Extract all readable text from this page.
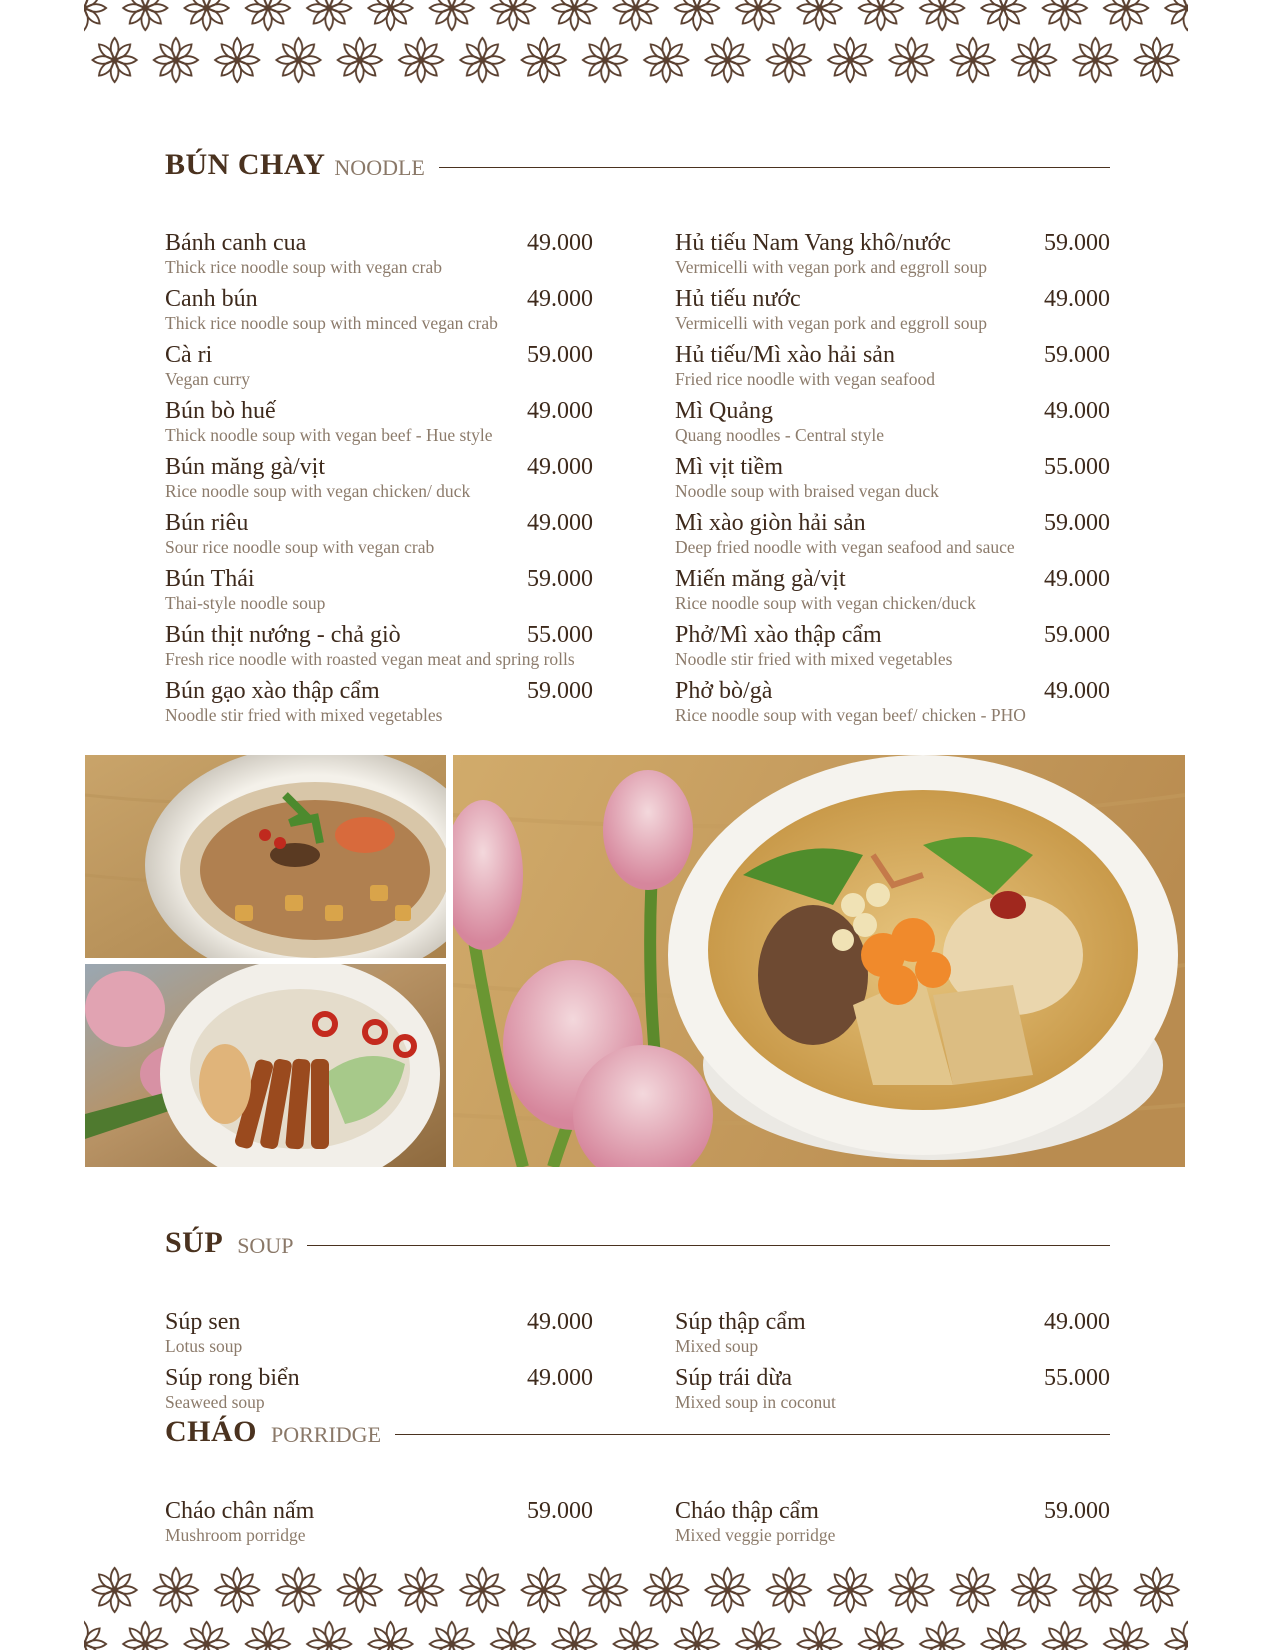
BÚN CHAY NOODLE
Bánh canh cua	49.000
Thick rice noodle soup with vegan crab
Canh bún	49.000
Thick rice noodle soup with minced vegan crab
Cà ri	59.000
Vegan curry
Bún bò huế	49.000
Thick noodle soup with vegan beef - Hue style
Bún măng gà/vịt	49.000
Rice noodle soup with vegan chicken/ duck
Bún riêu	49.000
Sour rice noodle soup with vegan crab
Bún Thái	59.000
Thai-style noodle soup
Bún thịt nướng - chả giò	55.000
Fresh rice noodle with roasted vegan meat and spring rolls
Bún gạo xào thập cẩm	59.000
Noodle stir fried with mixed vegetables
Hủ tiếu Nam Vang khô/nước	59.000
Vermicelli with vegan pork and eggroll soup
Hủ tiếu nước	49.000
Vermicelli with vegan pork and eggroll soup
Hủ tiếu/Mì xào hải sản	59.000
Fried rice noodle with vegan seafood
Mì Quảng	49.000
Quang noodles - Central style
Mì vịt tiềm	55.000
Noodle soup with braised vegan duck
Mì xào giòn hải sản	59.000
Deep fried noodle with vegan seafood and sauce
Miến măng gà/vịt	49.000
Rice noodle soup with vegan chicken/duck
Phở/Mì xào thập cẩm	59.000
Noodle stir fried with mixed vegetables
Phở bò/gà	49.000
Rice noodle soup with vegan beef/ chicken - PHO
SÚP SOUP
Súp sen	49.000
Lotus soup
Súp rong biển	49.000
Seaweed soup
Súp thập cẩm	49.000
Mixed soup
Súp trái dừa	55.000
Mixed soup in coconut
CHÁO PORRIDGE
Cháo chân nấm	59.000
Mushroom porridge
Cháo thập cẩm	59.000
Mixed veggie porridge
